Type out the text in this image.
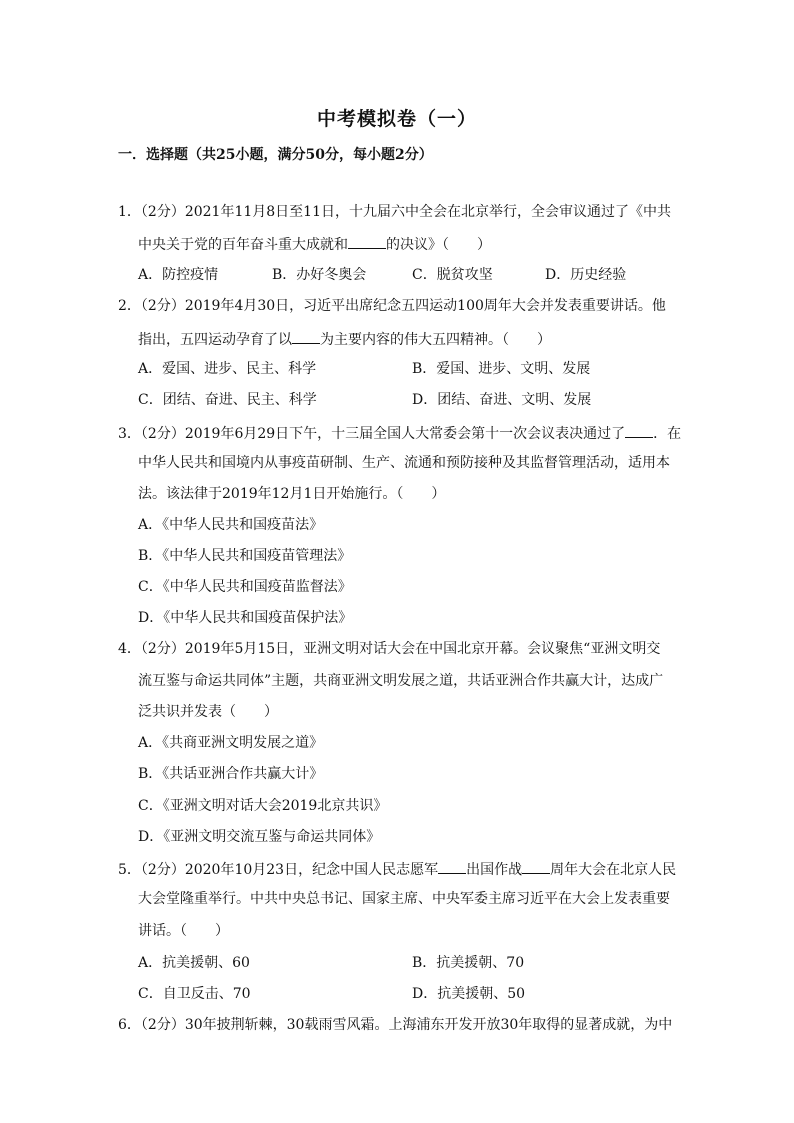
中考模拟卷（一）
一．选择题（共25小题，满分50分，每小题2分）
1．（2分）2021年11月8日至11日，十九届六中全会在北京举行，全会审议通过了《中共
中央关于党的百年奋斗重大成就和	的决议》（　　）
A．防控疫情	B．办好冬奥会	C．脱贫攻坚	D．历史经验
2．（2分）2019年4月30日，习近平出席纪念五四运动100周年大会并发表重要讲话。他
指出，五四运动孕育了以 为主要内容的伟大五四精神。（　　）
A．爱国、进步、民主、科学	B．爱国、进步、文明、发展
C．团结、奋进、民主、科学	D．团结、奋进、文明、发展
3．（2分）2019年6月29日下午，十三届全国人大常委会第十一次会议表决通过了 ．在
中华人民共和国境内从事疫苗研制、生产、流通和预防接种及其监督管理活动，适用本
法。该法律于2019年12月1日开始施行。（　　）
A．《中华人民共和国疫苗法》
B．《中华人民共和国疫苗管理法》
C．《中华人民共和国疫苗监督法》
D．《中华人民共和国疫苗保护法》
4．（2分）2019年5月15日，亚洲文明对话大会在中国北京开幕。会议聚焦“亚洲文明交
流互鉴与命运共同体”主题，共商亚洲文明发展之道，共话亚洲合作共赢大计，达成广
泛共识并发表（　　）
A．《共商亚洲文明发展之道》
B．《共话亚洲合作共赢大计》
C．《亚洲文明对话大会2019北京共识》
D．《亚洲文明交流互鉴与命运共同体》
5．（2分）2020年10月23日，纪念中国人民志愿军 出国作战 周年大会在北京人民
大会堂隆重举行。中共中央总书记、国家主席、中央军委主席习近平在大会上发表重要
讲话。（　　）
A．抗美援朝、60	B．抗美援朝、70
C．自卫反击、70	D．抗美援朝、50
6．（2分）30年披荆斩棘，30载雨雪风霜。上海浦东开发开放30年取得的显著成就，为中
